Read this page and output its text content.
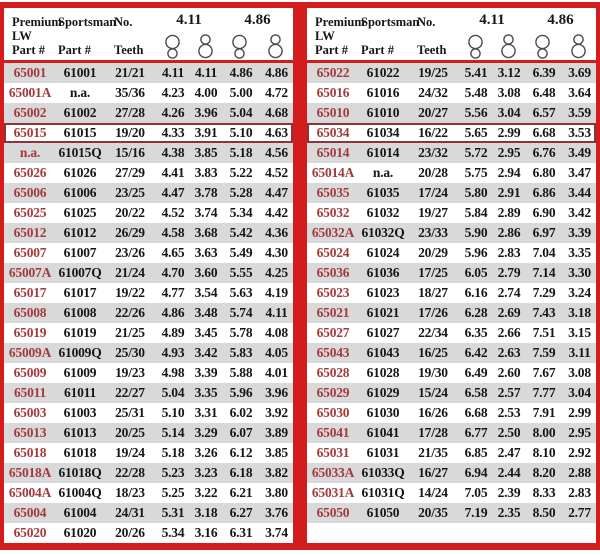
Premium
LW
Part #
Sportsman
Part #
No.
Teeth
4.11	4.86
65001	61001	21/21	4.11 4.11 4.86 4.86
65001A	n.a.	35/36	4.23 4.00 5.00 4.72
65002	61002	27/28	4.26 3.96 5.04 4.68
65015	61015	19/20	4.33 3.91 5.10 4.63
n.a.	61015Q	15/16	4.38 3.85 5.18 4.56
65026	61026	27/29	4.41 3.83 5.22 4.52
65006	61006	23/25	4.47 3.78 5.28 4.47
65025	61025	20/22	4.52 3.74 5.34 4.42
65012	61012	26/29	4.58 3.68 5.42 4.36
65007	61007	23/26	4.65 3.63 5.49 4.30
65007A 61007Q	21/24	4.70 3.60 5.55 4.25
65017	61017	19/22	4.77 3.54 5.63 4.19
65008	61008	22/26	4.86 3.48 5.74 4.11
65019	61019	21/25	4.89 3.45 5.78 4.08
65009A 61009Q	25/30	4.93 3.42 5.83 4.05
65009	61009	19/23	4.98 3.39 5.88 4.01
65011	61011	22/27	5.04 3.35 5.96 3.96
65003	61003	25/31	5.10 3.31 6.02 3.92
65013	61013	20/25	5.14 3.29 6.07 3.89
65018	61018	19/24	5.18 3.26 6.12 3.85
65018A 61018Q	22/28	5.23 3.23 6.18 3.82
65004A 61004Q	18/23	5.25 3.22 6.21 3.80
65004	61004	24/31	5.31 3.18 6.27 3.76
65020	61020	20/26	5.34 3.16 6.31 3.74
Premium
LW
Part #
Sportsman
Part #
No.
Teeth
4.11	4.86
65022	61022	19/25	5.41 3.12 6.39 3.69
65016	61016	24/32	5.48 3.08 6.48 3.64
65010	61010	20/27	5.56 3.04 6.57 3.59
65034	61034	16/22	5.65 2.99 6.68 3.53
65014	61014	23/32	5.72 2.95 6.76 3.49
65014A	n.a.	20/28	5.75 2.94 6.80 3.47
65035	61035	17/24	5.80 2.91 6.86 3.44
65032	61032	19/27	5.84 2.89 6.90 3.42
65032A 61032Q	23/33	5.90 2.86 6.97 3.39
65024	61024	20/29	5.96 2.83 7.04 3.35
65036	61036	17/25	6.05 2.79 7.14 3.30
65023	61023	18/27	6.16 2.74 7.29 3.24
65021	61021	17/26	6.28 2.69 7.43 3.18
65027	61027	22/34	6.35 2.66 7.51 3.15
65043	61043	16/25	6.42 2.63 7.59 3.11
65028	61028	19/30	6.49 2.60 7.67 3.08
65029	61029	15/24	6.58 2.57 7.77 3.04
65030	61030	16/26	6.68 2.53 7.91 2.99
65041	61041	17/28	6.77 2.50 8.00 2.95
65031	61031	21/35	6.85 2.47 8.10 2.92
65033A 61033Q	16/27	6.94 2.44 8.20 2.88
65031A 61031Q	14/24	7.05 2.39 8.33 2.83
65050	61050	20/35	7.19 2.35 8.50 2.77
